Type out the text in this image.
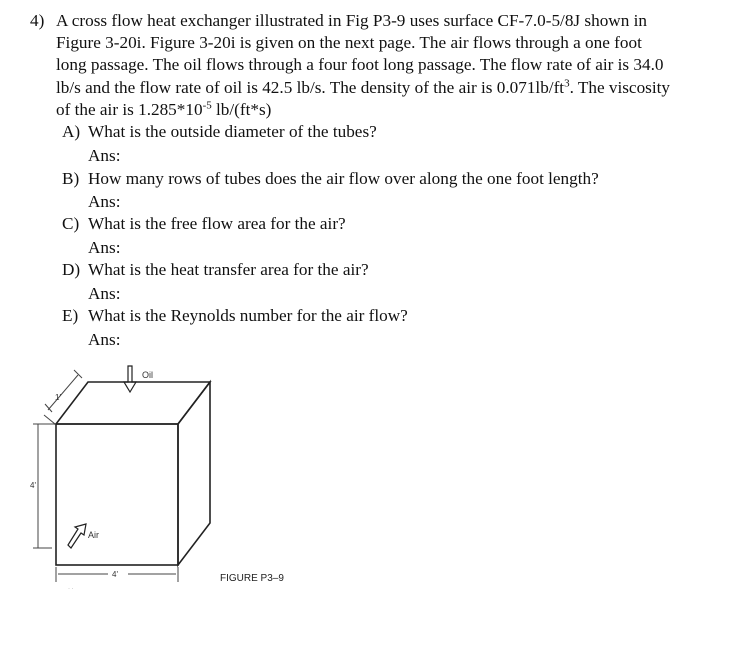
4) A cross flow heat exchanger illustrated in Fig P3-9 uses surface CF-7.0-5/8J shown in
Figure 3-20i. Figure 3-20i is given on the next page. The air flows through a one foot
long passage. The oil flows through a four foot long passage. The flow rate of air is 34.0
lb/s and the flow rate of oil is 42.5 lb/s. The density of the air is $0.071lb/ft^3$. The viscosity
of the air is $1.285*10^{-5}$ lb/(ft*s)
A) What is the outside diameter of the tubes?
Ans:
B) How many rows of tubes does the air flow over along the one foot length?
Ans:
C) What is the free flow area for the air?
Ans:
D) What is the heat transfer area for the air?
Ans:
E) What is the Reynolds number for the air flow?
Ans:
1'
4'
4'
· ·
Oil
Air
FIGURE P3–9
